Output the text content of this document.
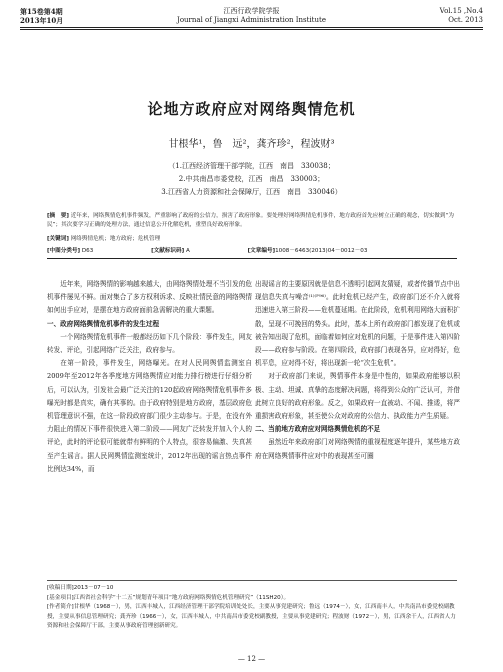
第15卷第4期
2013年10月
江西行政学院学报
Journal of Jiangxi Administration Institute
Vol.15 ,No.4
Oct. 2013
论地方政府应对网络舆情危机
甘根华¹，鲁　远²，龚齐珍²，程波财³
（1.江西经济管理干部学院，江西　南昌　330038；
2.中共南昌市委党校，江西　南昌　330003；
3.江西省人力资源和社会保障厅，江西　南昌　330046）
[摘　要] 近年来，网络舆情危机事件频发，严重影响了政府的公信力，损害了政府形象。要处理好网络舆情危机事件，地方政府首先应树立正确的观念，切实做到“为民”；其次要学习正确的处理方法，通过信息公开化解危机，重塑良好政府形象。
[关键词] 网络舆情危机；地方政府；危机管理
[中图分类号] D63	[文献标识码] A	[文章编号]1008－6463(2013)04－0012－03

近年来，网络舆情的影响越来越大，由网络舆情处理不当引发的危机事件屡见不鲜。面对集合了多方权利诉求、反映社情民意的网络舆情如何出手应对，是摆在地方政府面前急需解决的重大课题。

一、政府网络舆情危机事件的发生过程

一个网络舆情危机事件一般都经历如下几个阶段：事件发生，网友转发、评论，引起网络广泛关注，政府参与。

在第一阶段，事件发生，网络曝光。在对人民网舆情监测室自2009年至2012年各季度地方网络舆情应对能力排行榜进行仔细分析后，可以认为，引发社会最广泛关注的120起政府网络舆情危机事件多曝光时都是真实，确有其事的。由于政府特别是地方政府，基层政府危机管理意识不强，在这一阶段政府部门很少主动参与。于是，在没有外力阻止的情况下事件很快进入第二阶段——网友广泛转发并加入个人的评论，此时的评论很可能就带有鲜明的个人特点，很容易偏激、失真甚至产生谣言。据人民网舆情监测室统计，2012年出现的谣言热点事件比例达34%，而

出现谣言的主要原因就是信息不透明引起网友猜疑，或者传播节点中出现信息失真与噪音⁽¹⁾⁽ᴾ⁹⁶⁾。此时危机已经产生，政府部门还不介入就将迅速进入第三阶段——危机蔓延期。在此阶段，危机利用网络大面积扩散，呈现不可挽回的势头。此时，基本上所有政府部门都发现了危机或被告知出现了危机，面临着如何应对危机的问题，于是事件进入第四阶段——政府参与阶段。在第四阶段，政府部门表现各异，应对得好，危机平息，应对得不好，将出现新一轮“次生危机”。

对于政府部门来说，舆情事件本身是中性的，如果政府能够以积极、主动、坦诚、真挚的态度解决问题，将得到公众的广泛认可，并借此树立良好的政府形象。反之，如果政府一直被动、不闻、推诿，将严重损害政府形象，甚至使公众对政府的公信力、执政能力产生质疑。

二、当前地方政府应对网络舆情危机的不足

虽然近年来政府部门对网络舆情的重视程度逐年提升，某些地方政府在网络舆情事件应对中的表现甚至可圈

[收稿日期]2013－07－10
[基金项目]江西省社会科学“十二五”规划青年项目“地方政府网络舆情危机管理研究”（11SH20）。
[作者简介]甘根华（1968－），男，江西丰城人，江西经济管理干部学院培训处处长，主要从事党建研究；鲁远（1974－），女，江西南丰人，中共南昌市委党校副教授，主要从事信息管理研究；龚齐珍（1966－），女，江西丰城人，中共南昌市委党校副教授，主要从事党建研究；程波财（1972－），男，江西余干人，江西省人力资源和社会保障厅干部，主要从事政府管理创新研究。
— 12 —
